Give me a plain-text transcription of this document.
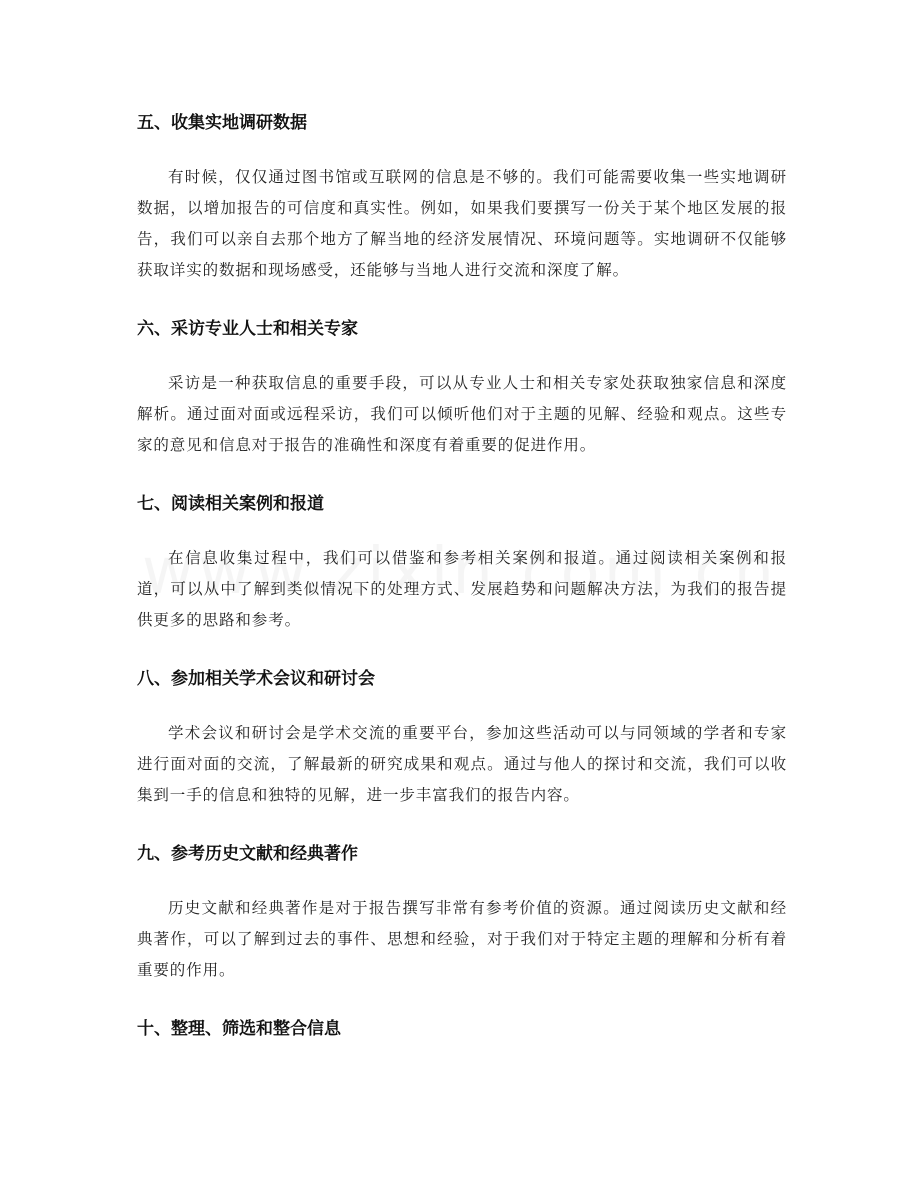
五、收集实地调研数据

有时候，仅仅通过图书馆或互联网的信息是不够的。我们可能需要收集一些实地调研数据，以增加报告的可信度和真实性。例如，如果我们要撰写一份关于某个地区发展的报告，我们可以亲自去那个地方了解当地的经济发展情况、环境问题等。实地调研不仅能够获取详实的数据和现场感受，还能够与当地人进行交流和深度了解。

六、采访专业人士和相关专家

采访是一种获取信息的重要手段，可以从专业人士和相关专家处获取独家信息和深度解析。通过面对面或远程采访，我们可以倾听他们对于主题的见解、经验和观点。这些专家的意见和信息对于报告的准确性和深度有着重要的促进作用。

七、阅读相关案例和报道

在信息收集过程中，我们可以借鉴和参考相关案例和报道。通过阅读相关案例和报道，可以从中了解到类似情况下的处理方式、发展趋势和问题解决方法，为我们的报告提供更多的思路和参考。

八、参加相关学术会议和研讨会

学术会议和研讨会是学术交流的重要平台，参加这些活动可以与同领域的学者和专家进行面对面的交流，了解最新的研究成果和观点。通过与他人的探讨和交流，我们可以收集到一手的信息和独特的见解，进一步丰富我们的报告内容。

九、参考历史文献和经典著作

历史文献和经典著作是对于报告撰写非常有参考价值的资源。通过阅读历史文献和经典著作，可以了解到过去的事件、思想和经验，对于我们对于特定主题的理解和分析有着重要的作用。

十、整理、筛选和整合信息
